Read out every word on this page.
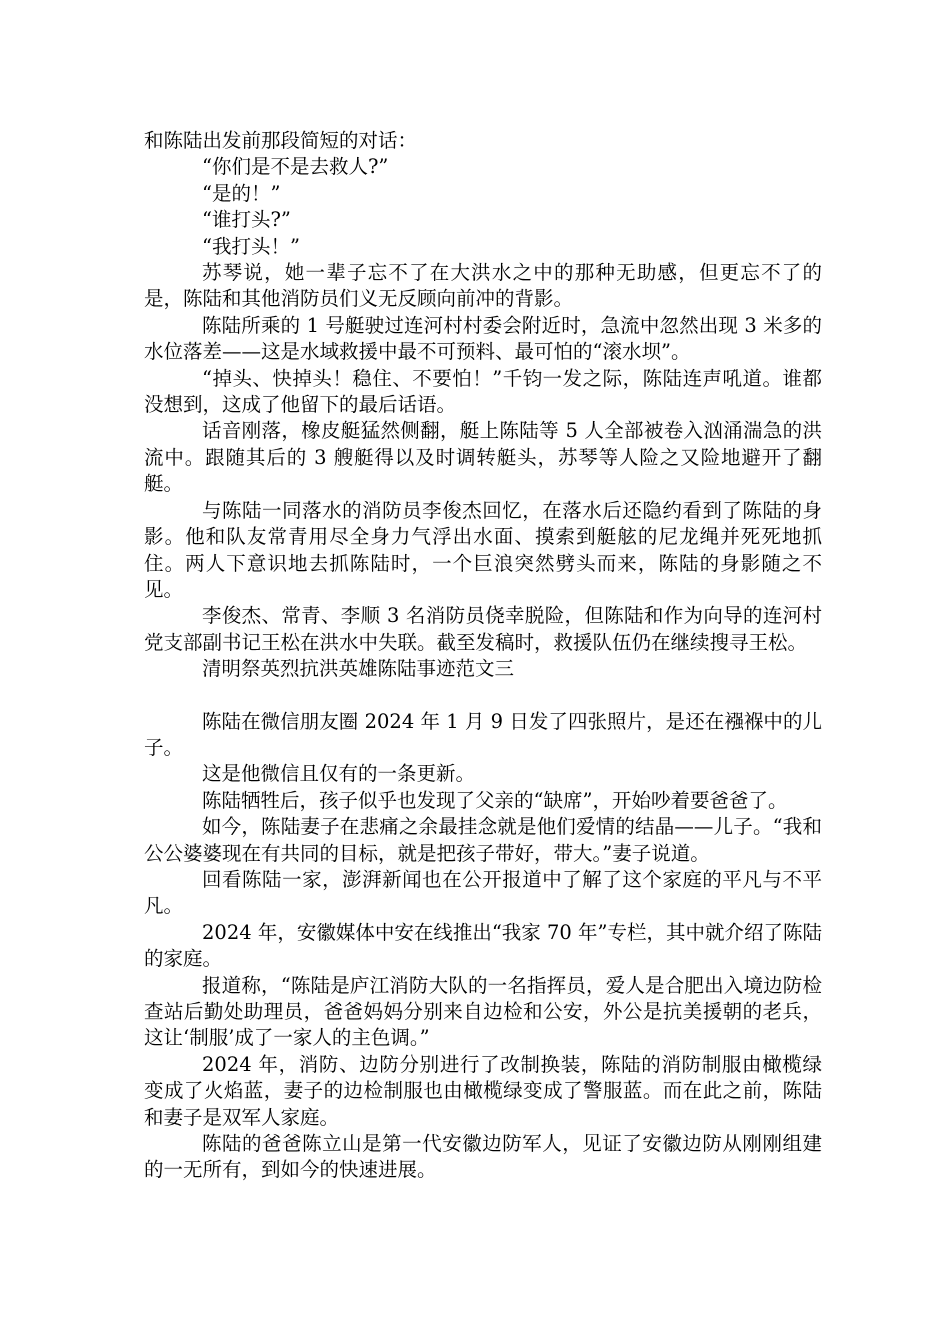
和陈陆出发前那段简短的对话：

“你们是不是去救人?”

“是的！”

“谁打头?”

“我打头！”

苏琴说，她一辈子忘不了在大洪水之中的那种无助感，但更忘不了的是，陈陆和其他消防员们义无反顾向前冲的背影。

陈陆所乘的 1 号艇驶过连河村村委会附近时，急流中忽然出现 3 米多的水位落差——这是水域救援中最不可预料、最可怕的“滚水坝”。

“掉头、快掉头！稳住、不要怕！”千钧一发之际，陈陆连声吼道。谁都没想到，这成了他留下的最后话语。

话音刚落，橡皮艇猛然侧翻，艇上陈陆等 5 人全部被卷入汹涌湍急的洪流中。跟随其后的 3 艘艇得以及时调转艇头，苏琴等人险之又险地避开了翻艇。

与陈陆一同落水的消防员李俊杰回忆，在落水后还隐约看到了陈陆的身影。他和队友常青用尽全身力气浮出水面、摸索到艇舷的尼龙绳并死死地抓住。两人下意识地去抓陈陆时，一个巨浪突然劈头而来，陈陆的身影随之不见。

李俊杰、常青、李顺 3 名消防员侥幸脱险，但陈陆和作为向导的连河村党支部副书记王松在洪水中失联。截至发稿时，救援队伍仍在继续搜寻王松。

清明祭英烈抗洪英雄陈陆事迹范文三

陈陆在微信朋友圈 2024 年 1 月 9 日发了四张照片，是还在襁褓中的儿子。

这是他微信且仅有的一条更新。

陈陆牺牲后，孩子似乎也发现了父亲的“缺席”，开始吵着要爸爸了。

如今，陈陆妻子在悲痛之余最挂念就是他们爱情的结晶——儿子。“我和公公婆婆现在有共同的目标，就是把孩子带好，带大。”妻子说道。

回看陈陆一家，澎湃新闻也在公开报道中了解了这个家庭的平凡与不平凡。

2024 年，安徽媒体中安在线推出“我家 70 年”专栏，其中就介绍了陈陆的家庭。

报道称，“陈陆是庐江消防大队的一名指挥员，爱人是合肥出入境边防检查站后勤处助理员，爸爸妈妈分别来自边检和公安，外公是抗美援朝的老兵，这让‘制服’成了一家人的主色调。”

2024 年，消防、边防分别进行了改制换装，陈陆的消防制服由橄榄绿变成了火焰蓝，妻子的边检制服也由橄榄绿变成了警服蓝。而在此之前，陈陆和妻子是双军人家庭。

陈陆的爸爸陈立山是第一代安徽边防军人，见证了安徽边防从刚刚组建的一无所有，到如今的快速进展。
